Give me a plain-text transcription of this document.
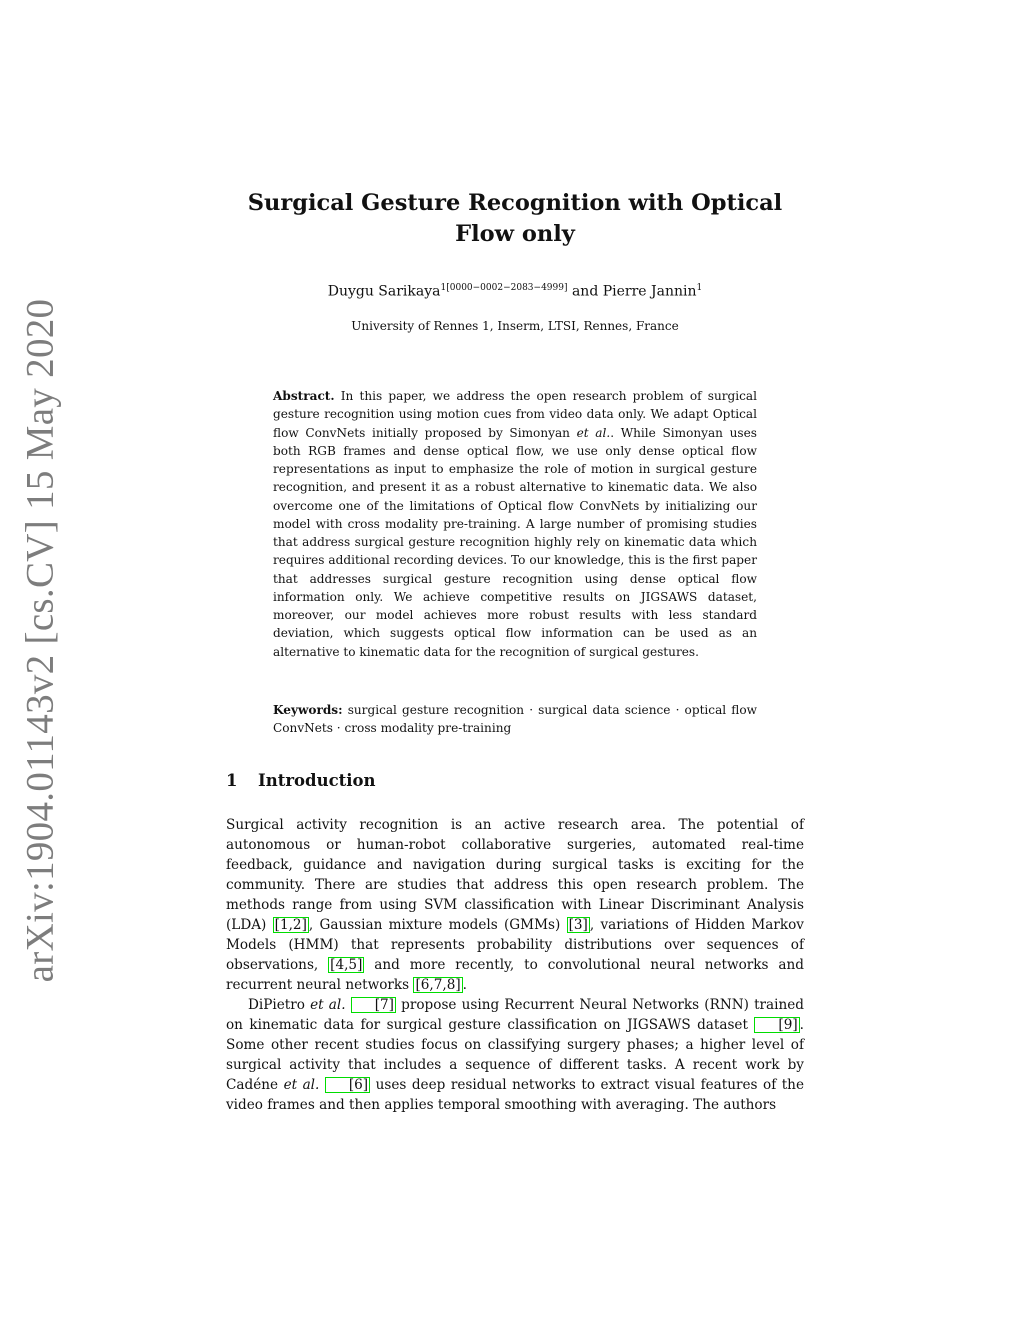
arXiv:1904.01143v2 [cs.CV] 15 May 2020
Surgical Gesture Recognition with Optical Flow only
Duygu Sarikaya$^{1[0000-0002-2083-4999]}$ and Pierre Jannin$^1$
University of Rennes 1, Inserm, LTSI, Rennes, France
Abstract. In this paper, we address the open research problem of surgical gesture recognition using motion cues from video data only. We adapt Optical flow ConvNets initially proposed by Simonyan et al.. While Simonyan uses both RGB frames and dense optical flow, we use only dense optical flow representations as input to emphasize the role of motion in surgical gesture recognition, and present it as a robust alternative to kinematic data. We also overcome one of the limitations of Optical flow ConvNets by initializing our model with cross modality pre-training. A large number of promising studies that address surgical gesture recognition highly rely on kinematic data which requires additional recording devices. To our knowledge, this is the first paper that addresses surgical gesture recognition using dense optical flow information only. We achieve competitive results on JIGSAWS dataset, moreover, our model achieves more robust results with less standard deviation, which suggests optical flow information can be used as an alternative to kinematic data for the recognition of surgical gestures.
Keywords: surgical gesture recognition · surgical data science · optical flow ConvNets · cross modality pre-training
1 Introduction

Surgical activity recognition is an active research area. The potential of autonomous or human-robot collaborative surgeries, automated real-time feedback, guidance and navigation during surgical tasks is exciting for the community. There are studies that address this open research problem. The methods range from using SVM classification with Linear Discriminant Analysis (LDA) [1,2] , Gaussian mixture models (GMMs) [3] , variations of Hidden Markov Models (HMM) that represents probability distributions over sequences of observations, [4,5] and more recently, to convolutional neural networks and recurrent neural networks [6,7,8] .

DiPietro et al. [7] propose using Recurrent Neural Networks (RNN) trained on kinematic data for surgical gesture classification on JIGSAWS dataset [9] . Some other recent studies focus on classifying surgery phases; a higher level of surgical activity that includes a sequence of different tasks. A recent work by Cadéne et al. [6] uses deep residual networks to extract visual features of the video frames and then applies temporal smoothing with averaging. The authors
